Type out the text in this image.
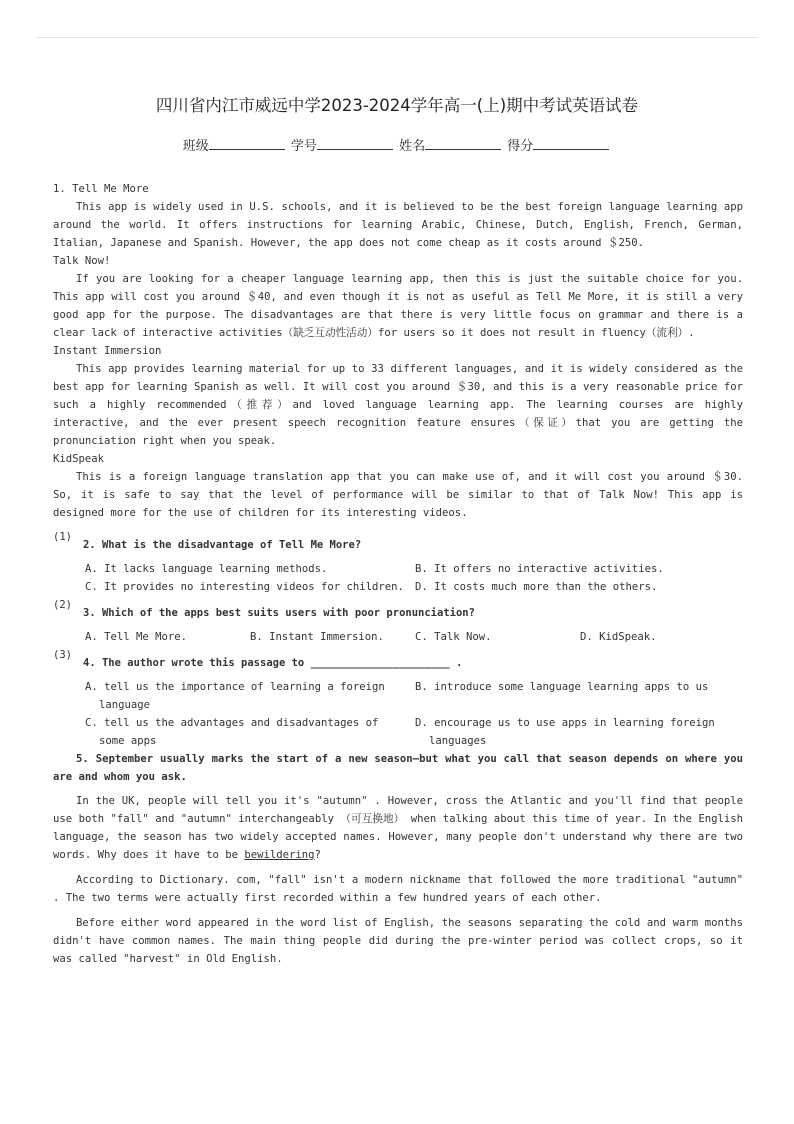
四川省内江市威远中学2023-2024学年高一(上)期中考试英语试卷
班级	学号	姓名	得分

1. Tell Me More

This app is widely used in U.S. schools, and it is believed to be the best foreign language learning app around the world. It offers instructions for learning Arabic, Chinese, Dutch, English, French, German, Italian, Japanese and Spanish. However, the app does not come cheap as it costs around ＄250.

Talk Now!

If you are looking for a cheaper language learning app, then this is just the suitable choice for you. This app will cost you around ＄40, and even though it is not as useful as Tell Me More, it is still a very good app for the purpose. The disadvantages are that there is very little focus on grammar and there is a clear lack of interactive activities（缺乏互动性活动）for users so it does not result in fluency（流利）.

Instant Immersion

This app provides learning material for up to 33 different languages, and it is widely considered as the best app for learning Spanish as well. It will cost you around ＄30, and this is a very reasonable price for such a highly recommended（推荐）and loved language learning app. The learning courses are highly interactive, and the ever present speech recognition feature ensures（保证）that you are getting the pronunciation right when you speak.

KidSpeak

This is a foreign language translation app that you can make use of, and it will cost you around ＄30. So, it is safe to say that the level of performance will be similar to that of Talk Now! This app is designed more for the use of children for its interesting videos.

(1)
2. What is the disadvantage of Tell Me More?
A. It lacks language learning methods.	B. It offers no interactive activities.
C. It provides no interesting videos for children.	D. It costs much more than the others.
(2)
3. Which of the apps best suits users with poor pronunciation?
A. Tell Me More.	B. Instant Immersion.	C. Talk Now.	D. KidSpeak.
(3)
4. The author wrote this passage to ______________________ .
A. tell us the importance of learning a foreign language
B. introduce some language learning apps to us
C. tell us the advantages and disadvantages of some apps
D. encourage us to use apps in learning foreign languages

5. September usually marks the start of a new season—but what you call that season depends on where you are and whom you ask.

In the UK, people will tell you it's "autumn" . However, cross the Atlantic and you'll find that people use both "fall" and "autumn" interchangeably （可互换地） when talking about this time of year. In the English language, the season has two widely accepted names. However, many people don't understand why there are two words. Why does it have to be bewildering?

According to Dictionary. com, "fall" isn't a modern nickname that followed the more traditional "autumn" . The two terms were actually first recorded within a few hundred years of each other.

Before either word appeared in the word list of English, the seasons separating the cold and warm months didn't have common names. The main thing people did during the pre-winter period was collect crops, so it was called "harvest" in Old English.
